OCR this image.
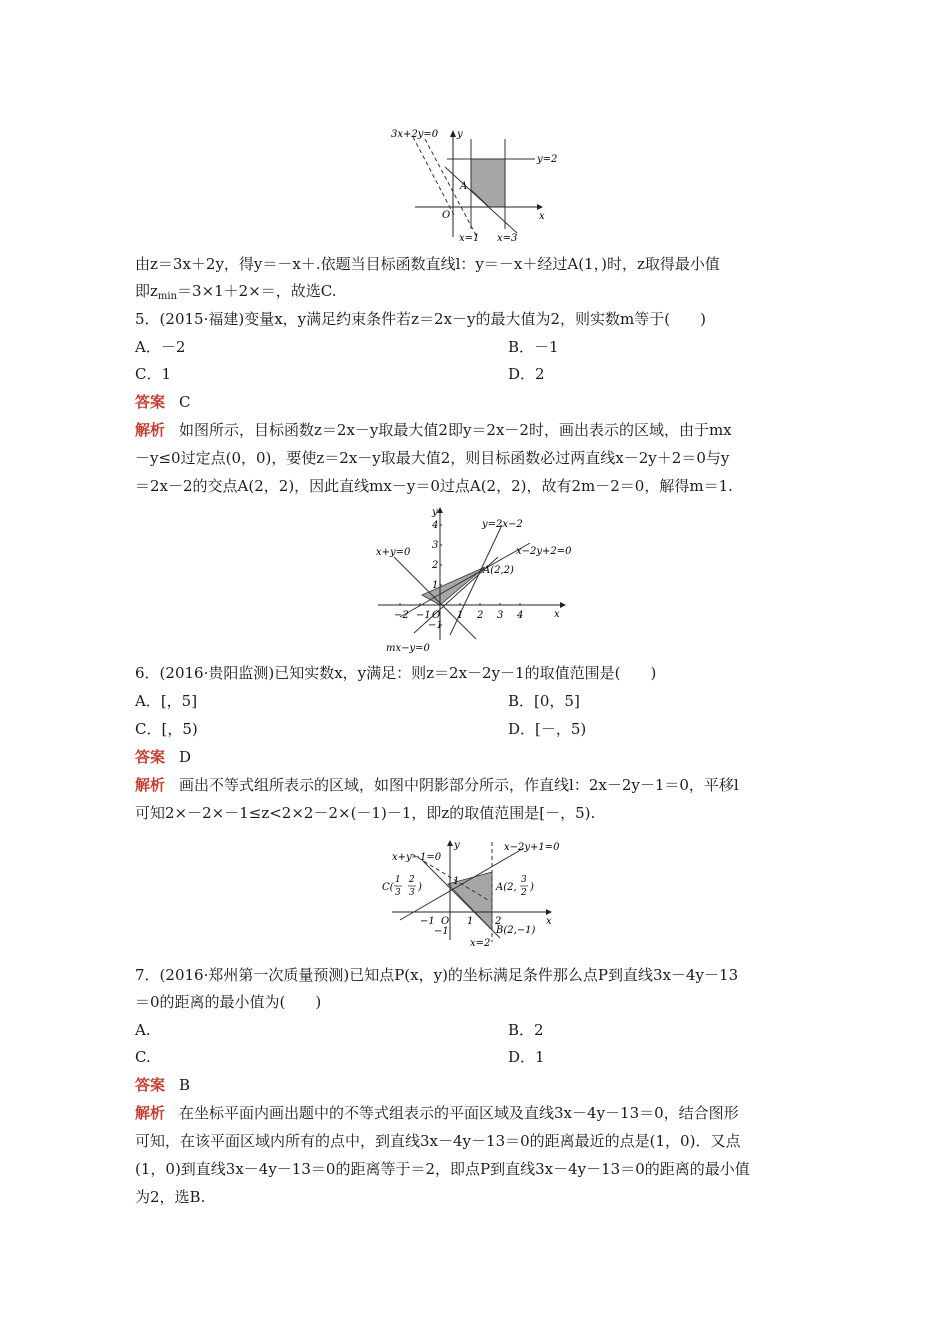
3x+2y=0 y
x
y=2
A
O
x=1 x=3
由z＝3x＋2y，得y＝－x＋.依题当目标函数直线l：y＝－x＋经过A(1，)时，z取得最小值
即$z_{min}=3\times 1+2\times=$，故选C.
5．(2015·福建)变量x，y满足约束条件若z＝2x－y的最大值为2，则实数m等于(　　)
A．－2	B．－1
C．1	D．2
答案 C
解析 如图所示，目标函数z＝2x－y取最大值2即y＝2x－2时，画出表示的区域，由于mx
－y≤0过定点(0，0)，要使z＝2x－y取最大值2，则目标函数必过两直线x－2y＋2＝0与y
＝2x－2的交点A(2，2)，因此直线mx－y＝0过点A(2，2)，故有2m－2＝0，解得m＝1.
−2 −1	1 2 3 4
4
3
2
1
−1
y
x
y=2x−2
x+y=0	x−2y+2=0
A(2,2)
mx−y=0
O
6．(2016·贵阳监测)已知实数x，y满足：则z＝2x－2y－1的取值范围是(　　)
A．[，5]	B．[0，5]
C．[，5)	D．[－，5)
答案 D
解析 画出不等式组所表示的区域，如图中阴影部分所示，作直线l：2x－2y－1＝0，平移l
可知2×－2×－1≤z<2×2－2×(－1)－1，即z的取值范围是[－，5).
y
x
x+y−1=0
x−2y+1=0
C(
1
3
2
3 )	A(2,
3
2 )
B(2,−1)
x=2
O
−1	1 2
1
−1
7．(2016·郑州第一次质量预测)已知点P(x，y)的坐标满足条件那么点P到直线3x－4y－13
＝0的距离的最小值为(　　)
A.	B．2
C.	D．1
答案 B
解析 在坐标平面内画出题中的不等式组表示的平面区域及直线3x－4y－13＝0，结合图形
可知，在该平面区域内所有的点中，到直线3x－4y－13＝0的距离最近的点是(1，0)．又点
(1，0)到直线3x－4y－13＝0的距离等于＝2，即点P到直线3x－4y－13＝0的距离的最小值
为2，选B.
